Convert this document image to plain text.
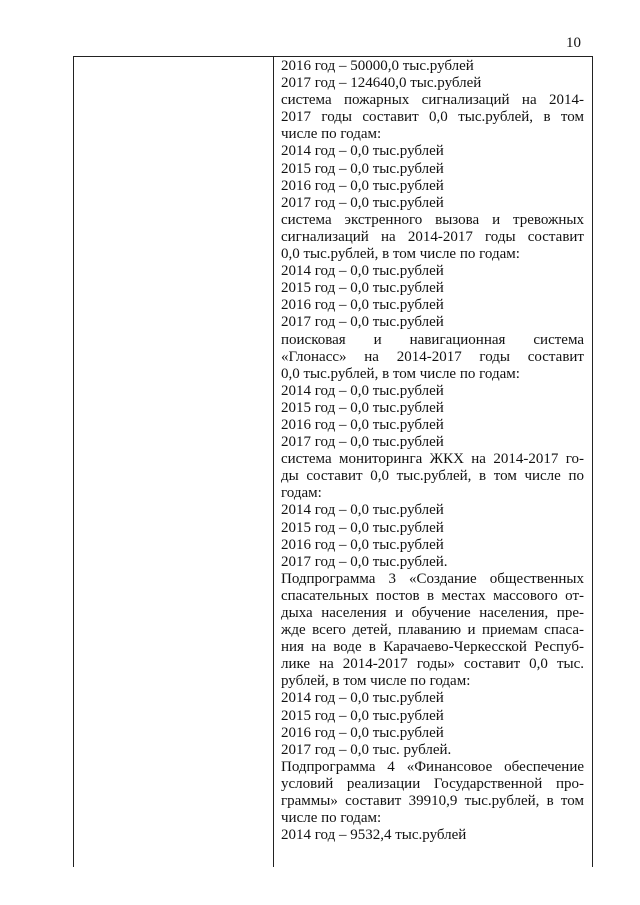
10
2016 год – 50000,0 тыс.рублей
2017 год – 124640,0 тыс.рублей
система пожарных сигнализаций на 2014-
2017 годы составит 0,0 тыс.рублей, в том
числе по годам:
2014 год – 0,0 тыс.рублей
2015 год – 0,0 тыс.рублей
2016 год – 0,0 тыс.рублей
2017 год – 0,0 тыс.рублей
система экстренного вызова и тревожных
сигнализаций на 2014-2017 годы составит
0,0 тыс.рублей, в том числе по годам:
2014 год – 0,0 тыс.рублей
2015 год – 0,0 тыс.рублей
2016 год – 0,0 тыс.рублей
2017 год – 0,0 тыс.рублей
поисковая и навигационная система
«Глонасс» на 2014-2017 годы составит
0,0 тыс.рублей, в том числе по годам:
2014 год – 0,0 тыс.рублей
2015 год – 0,0 тыс.рублей
2016 год – 0,0 тыс.рублей
2017 год – 0,0 тыс.рублей
система мониторинга ЖКХ на 2014-2017 го-
ды составит 0,0 тыс.рублей, в том числе по
годам:
2014 год – 0,0 тыс.рублей
2015 год – 0,0 тыс.рублей
2016 год – 0,0 тыс.рублей
2017 год – 0,0 тыс.рублей.
Подпрограмма 3 «Создание общественных
спасательных постов в местах массового от-
дыха населения и обучение населения, пре-
жде всего детей, плаванию и приемам спаса-
ния на воде в Карачаево-Черкесской Респуб-
лике на 2014-2017 годы» составит 0,0 тыс.
рублей, в том числе по годам:
2014 год – 0,0 тыс.рублей
2015 год – 0,0 тыс.рублей
2016 год – 0,0 тыс.рублей
2017 год – 0,0 тыс. рублей.
Подпрограмма 4 «Финансовое обеспечение
условий реализации Государственной про-
граммы» составит 39910,9 тыс.рублей, в том
числе по годам:
2014 год – 9532,4 тыс.рублей
